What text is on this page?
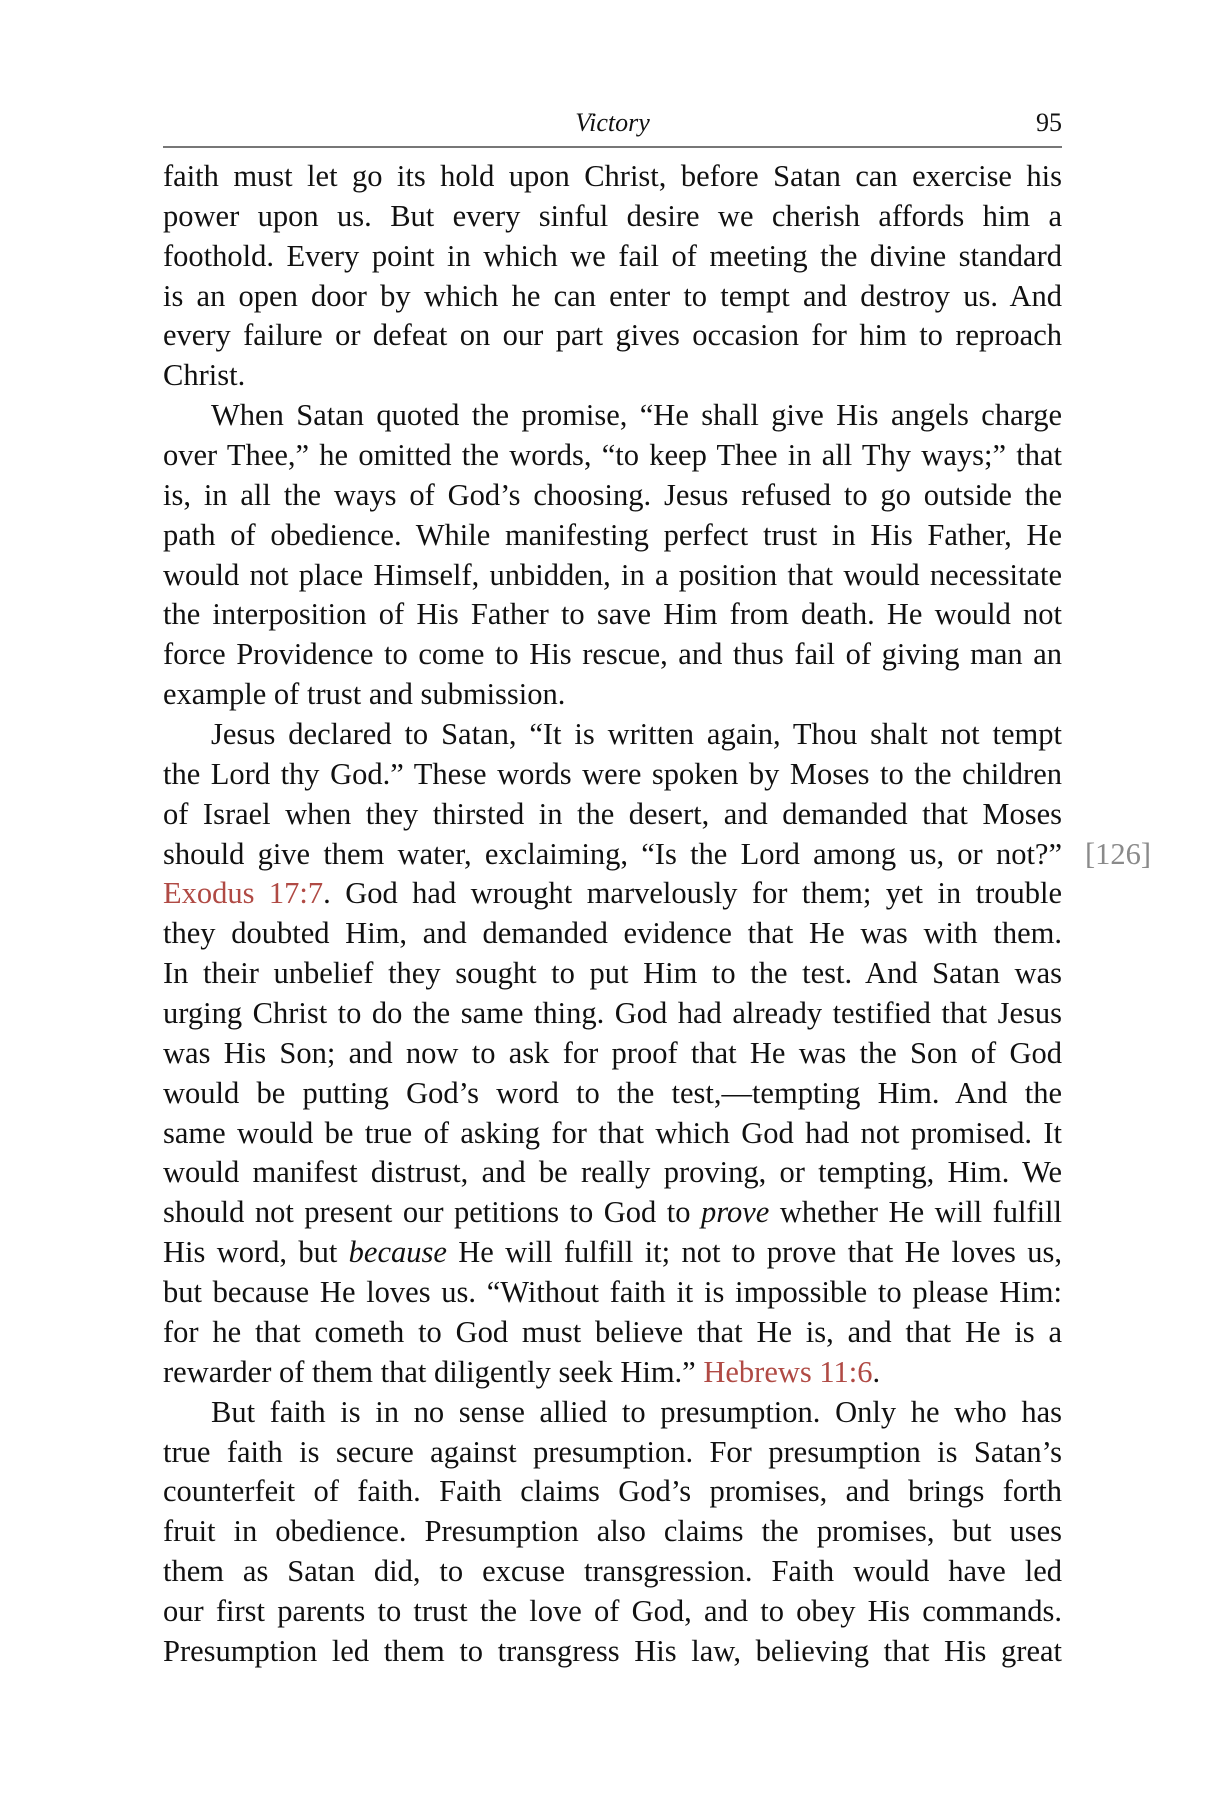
Victory	95
faith must let go its hold upon Christ, before Satan can exercise his
power upon us. But every sinful desire we cherish affords him a
foothold. Every point in which we fail of meeting the divine standard
is an open door by which he can enter to tempt and destroy us. And
every failure or defeat on our part gives occasion for him to reproach
Christ.
When Satan quoted the promise, “He shall give His angels charge
over Thee,” he omitted the words, “to keep Thee in all Thy ways;” that
is, in all the ways of God’s choosing. Jesus refused to go outside the
path of obedience. While manifesting perfect trust in His Father, He
would not place Himself, unbidden, in a position that would necessitate
the interposition of His Father to save Him from death. He would not
force Providence to come to His rescue, and thus fail of giving man an
example of trust and submission.
Jesus declared to Satan, “It is written again, Thou shalt not tempt
the Lord thy God.” These words were spoken by Moses to the children
of Israel when they thirsted in the desert, and demanded that Moses
should give them water, exclaiming, “Is the Lord among us, or not?” [126]
Exodus 17:7. God had wrought marvelously for them; yet in trouble
they doubted Him, and demanded evidence that He was with them.
In their unbelief they sought to put Him to the test. And Satan was
urging Christ to do the same thing. God had already testified that Jesus
was His Son; and now to ask for proof that He was the Son of God
would be putting God’s word to the test,—tempting Him. And the
same would be true of asking for that which God had not promised. It
would manifest distrust, and be really proving, or tempting, Him. We
should not present our petitions to God to prove whether He will fulfill
His word, but because He will fulfill it; not to prove that He loves us,
but because He loves us. “Without faith it is impossible to please Him:
for he that cometh to God must believe that He is, and that He is a
rewarder of them that diligently seek Him.” Hebrews 11:6.
But faith is in no sense allied to presumption. Only he who has
true faith is secure against presumption. For presumption is Satan’s
counterfeit of faith. Faith claims God’s promises, and brings forth
fruit in obedience. Presumption also claims the promises, but uses
them as Satan did, to excuse transgression. Faith would have led
our first parents to trust the love of God, and to obey His commands.
Presumption led them to transgress His law, believing that His great
